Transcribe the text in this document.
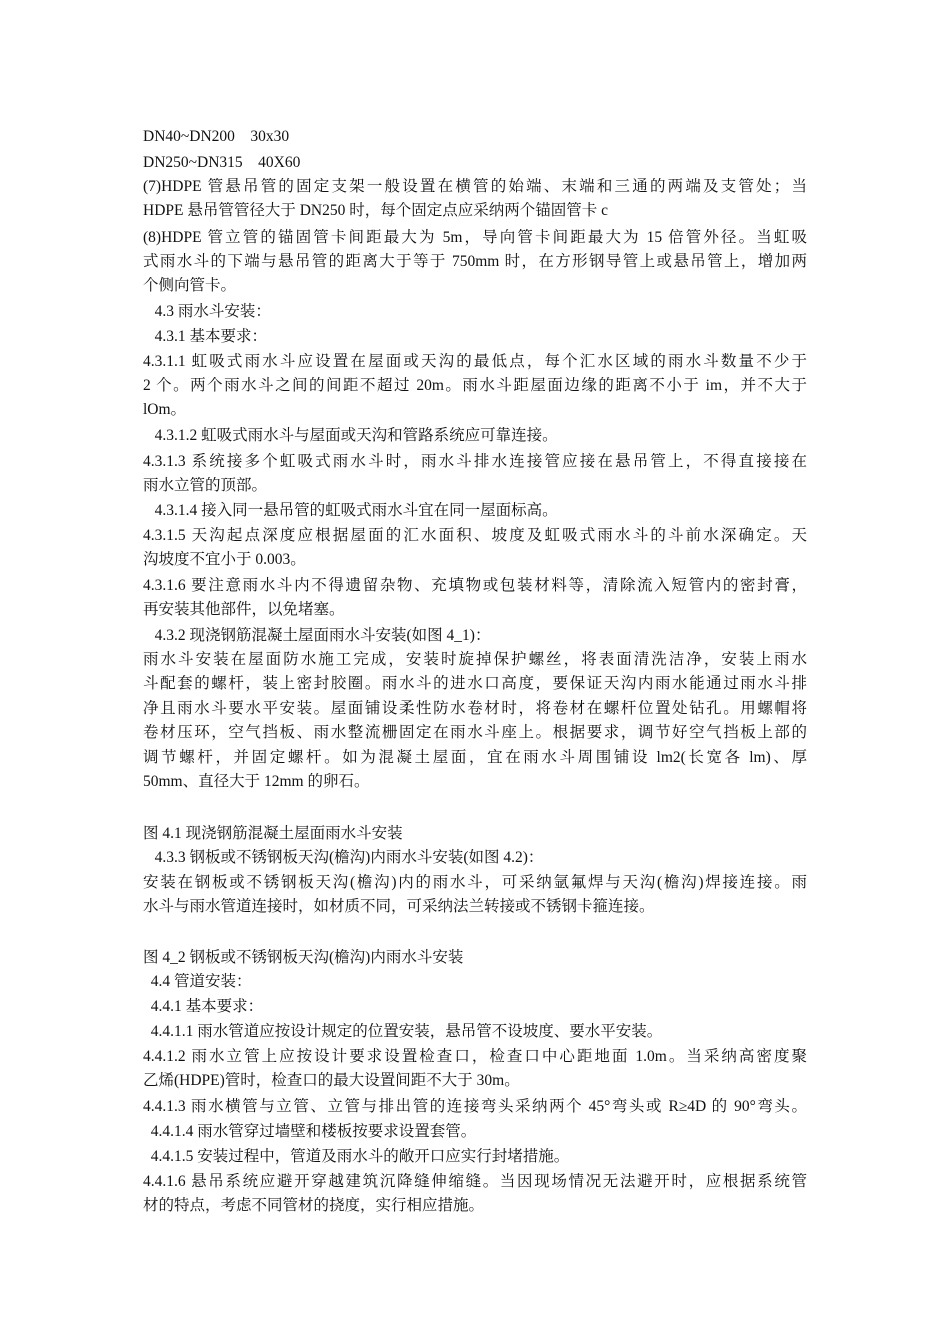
DN40~DN200    30x30
DN250~DN315    40X60
(7)HDPE 管悬吊管的固定支架一般设置在横管的始端、末端和三通的两端及支管处；当
HDPE 悬吊管管径大于 DN250 时，每个固定点应采纳两个锚固管卡 c
(8)HDPE 管立管的锚固管卡间距最大为 5m，导向管卡间距最大为 15 倍管外径。当虹吸
式雨水斗的下端与悬吊管的距离大于等于 750mm 时，在方形钢导管上或悬吊管上，增加两
个侧向管卡。
4.3 雨水斗安装：
4.3.1 基本要求：
4.3.1.1 虹吸式雨水斗应设置在屋面或天沟的最低点，每个汇水区域的雨水斗数量不少于
2 个。两个雨水斗之间的间距不超过 20m。雨水斗距屋面边缘的距离不小于 im，并不大于
lOm。
4.3.1.2 虹吸式雨水斗与屋面或天沟和管路系统应可靠连接。
4.3.1.3 系统接多个虹吸式雨水斗时，雨水斗排水连接管应接在悬吊管上，不得直接接在
雨水立管的顶部。
4.3.1.4 接入同一悬吊管的虹吸式雨水斗宜在同一屋面标高。
4.3.1.5 天沟起点深度应根据屋面的汇水面积、坡度及虹吸式雨水斗的斗前水深确定。天
沟坡度不宜小于 0.003。
4.3.1.6 要注意雨水斗内不得遗留杂物、充填物或包装材料等，清除流入短管内的密封膏，
再安装其他部件，以免堵塞。
4.3.2 现浇钢筋混凝土屋面雨水斗安装(如图 4_1)：
雨水斗安装在屋面防水施工完成，安装时旋掉保护螺丝，将表面清洗洁净，安装上雨水
斗配套的螺杆，装上密封胶圈。雨水斗的进水口高度，要保证天沟内雨水能通过雨水斗排
净且雨水斗要水平安装。屋面铺设柔性防水卷材时，将卷材在螺杆位置处钻孔。用螺帽将
卷材压环，空气挡板、雨水整流栅固定在雨水斗座上。根据要求，调节好空气挡板上部的
调节螺杆，并固定螺杆。如为混凝土屋面，宜在雨水斗周围铺设 lm2(长宽各 lm)、厚
50mm、直径大于 12mm 的卵石。
图 4.1 现浇钢筋混凝土屋面雨水斗安装
4.3.3 钢板或不锈钢板天沟(檐沟)内雨水斗安装(如图 4.2)：
安装在钢板或不锈钢板天沟(檐沟)内的雨水斗，可采纳氩氟焊与天沟(檐沟)焊接连接。雨
水斗与雨水管道连接时，如材质不同，可采纳法兰转接或不锈钢卡箍连接。
图 4_2 钢板或不锈钢板天沟(檐沟)内雨水斗安装
4.4 管道安装：
4.4.1 基本要求：
4.4.1.1 雨水管道应按设计规定的位置安装，悬吊管不设坡度、要水平安装。
4.4.1.2 雨水立管上应按设计要求设置检查口，检查口中心距地面 1.0m。当采纳高密度聚
乙烯(HDPE)管时，检查口的最大设置间距不大于 30m。
4.4.1.3 雨水横管与立管、立管与排出管的连接弯头采纳两个 45°弯头或 R≥4D 的 90°弯头。
4.4.1.4 雨水管穿过墙壁和楼板按要求设置套管。
4.4.1.5 安装过程中，管道及雨水斗的敞开口应实行封堵措施。
4.4.1.6 悬吊系统应避开穿越建筑沉降缝伸缩缝。当因现场情况无法避开时，应根据系统管
材的特点，考虑不同管材的挠度，实行相应措施。
